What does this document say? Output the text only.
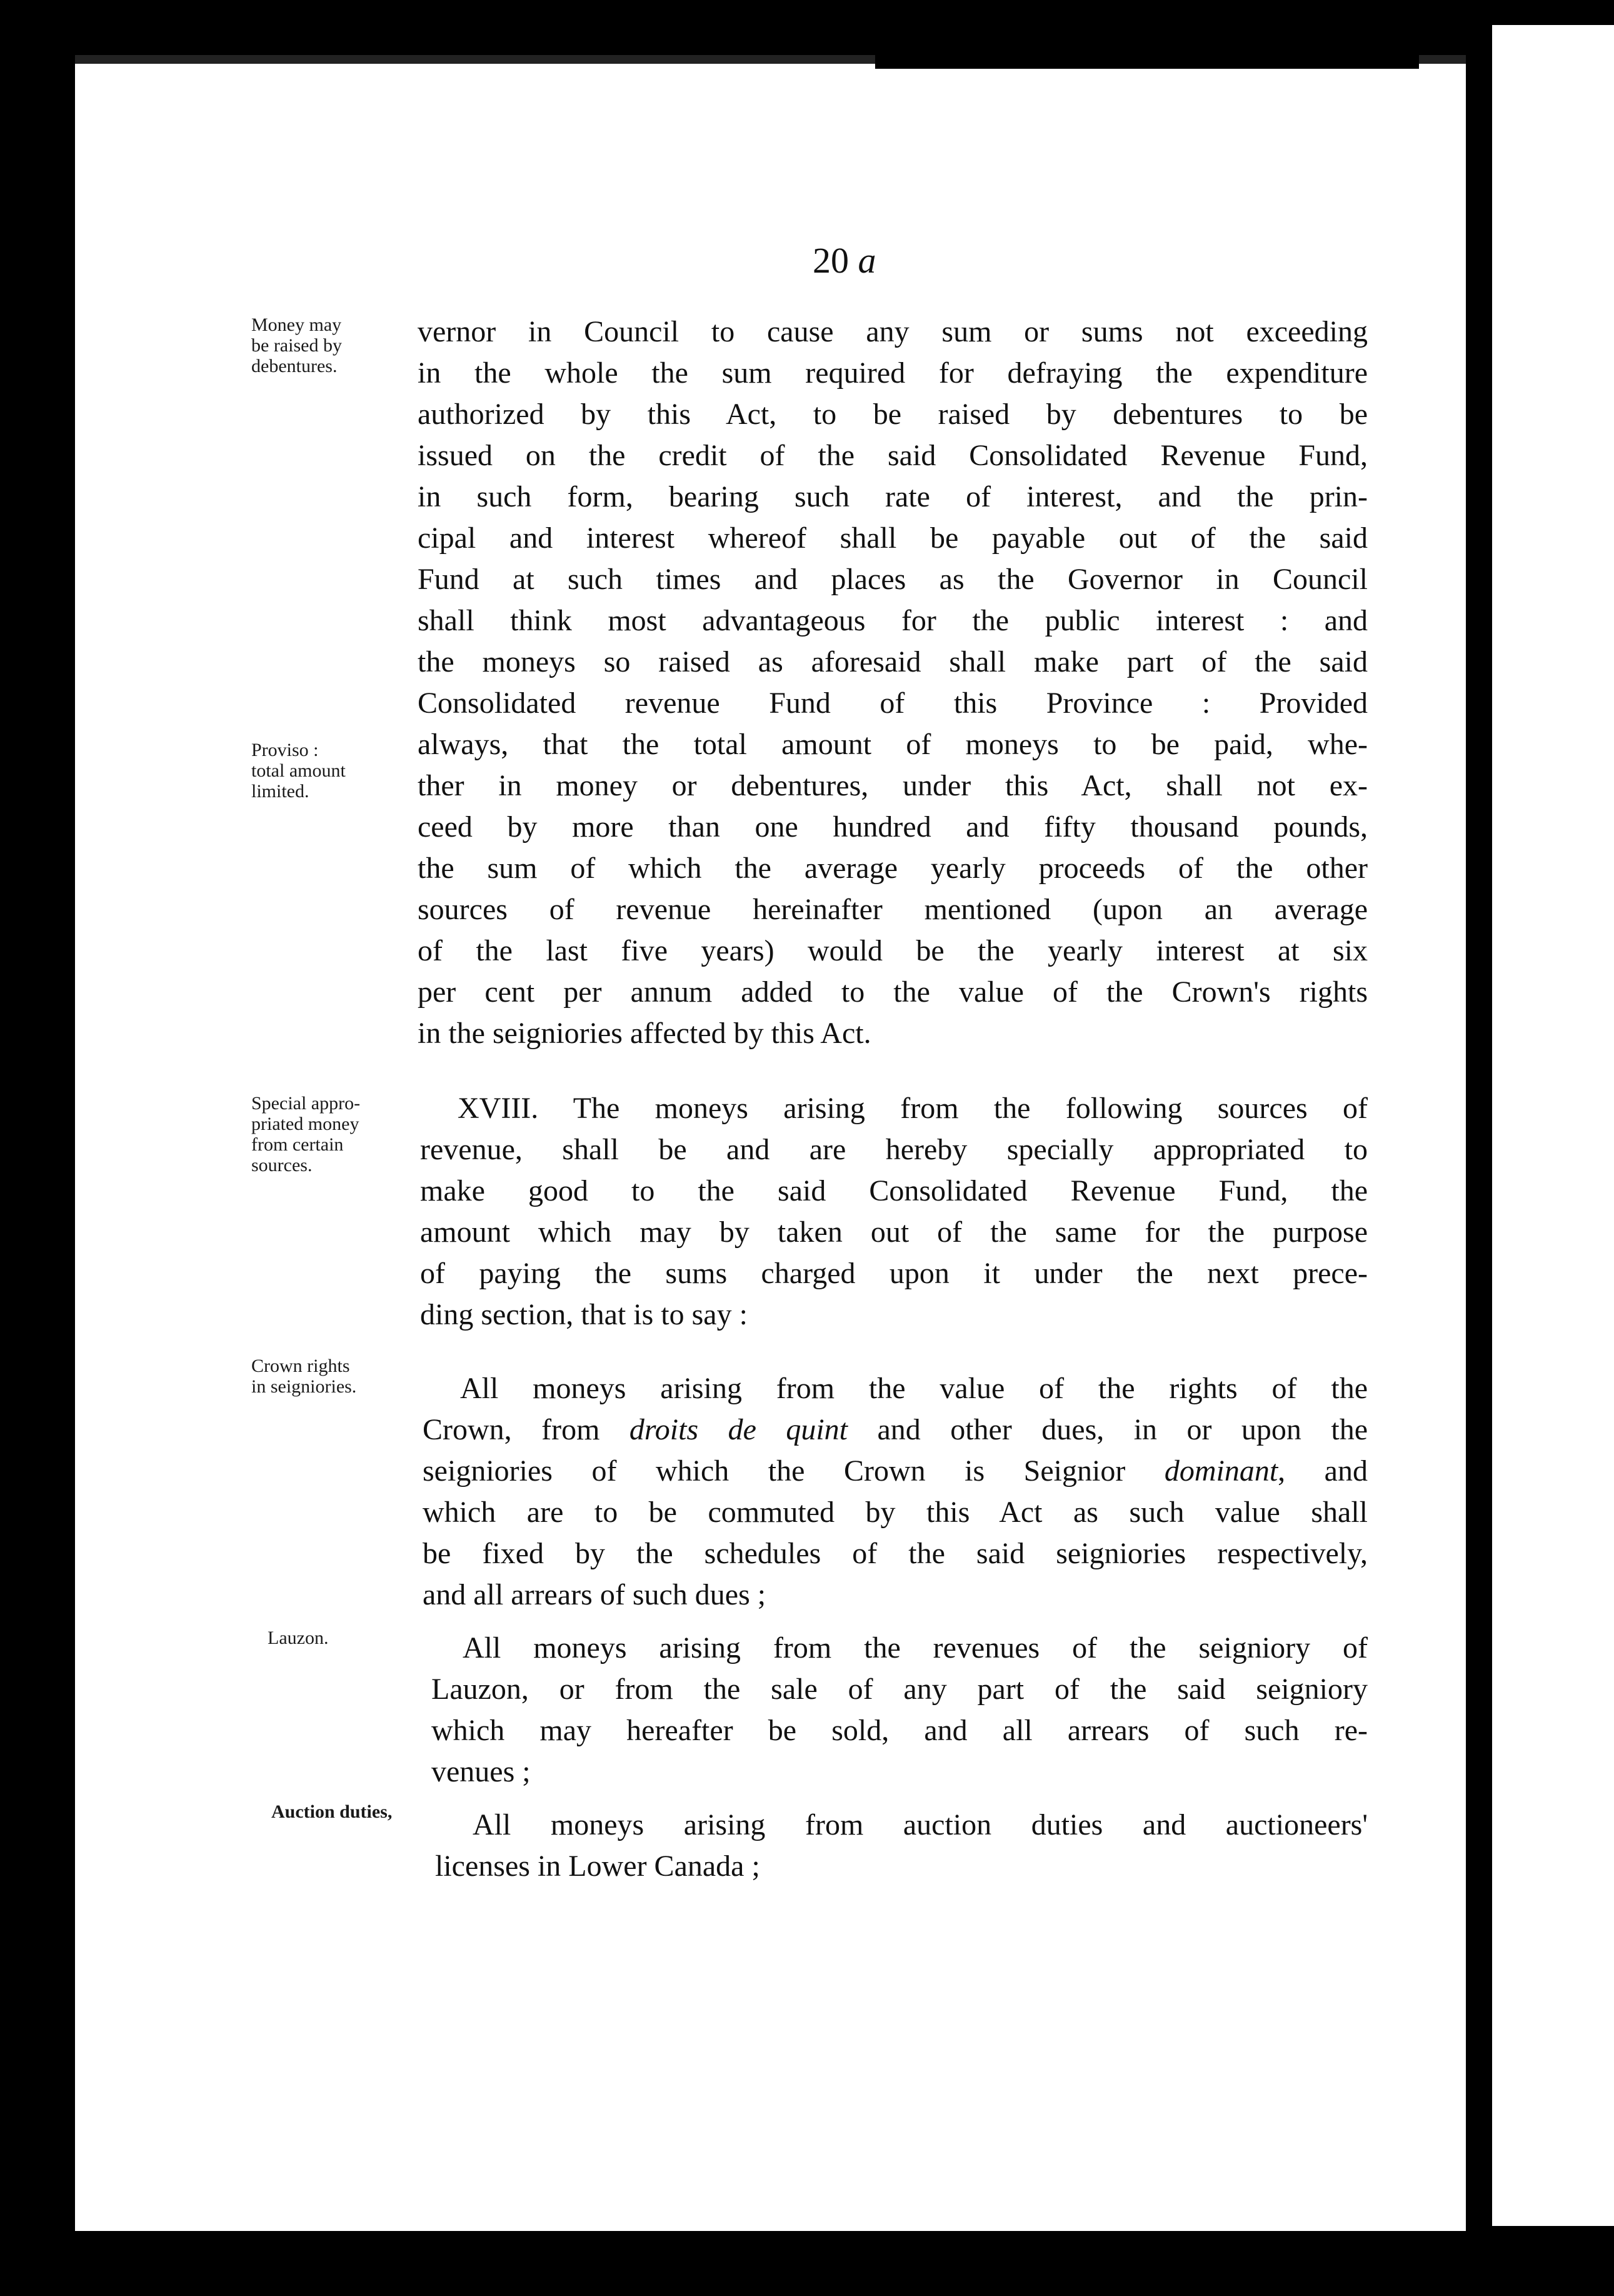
20 a
Money may
be raised by
debentures.
Proviso :
total amount
limited.
Special appro-
priated money
from certain
sources.
Crown rights
in seigniories.
Lauzon.
Auction duties,
vernor in Council to cause any sum or sums not exceeding
in the whole the sum required for defraying the expenditure
authorized by this Act, to be raised by debentures to be
issued on the credit of the said Consolidated Revenue Fund,
in such form, bearing such rate of interest, and the prin-
cipal and interest whereof shall be payable out of the said
Fund at such times and places as the Governor in Council
shall think most advantageous for the public interest : and
the moneys so raised as aforesaid shall make part of the said
Consolidated revenue Fund of this Province : Provided
always, that the total amount of moneys to be paid, whe-
ther in money or debentures, under this Act, shall not ex-
ceed by more than one hundred and fifty thousand pounds,
the sum of which the average yearly proceeds of the other
sources of revenue hereinafter mentioned (upon an average
of the last five years) would be the yearly interest at six
per cent per annum added to the value of the Crown's rights
in the seigniories affected by this Act.
XVIII. The moneys arising from the following sources of
revenue, shall be and are hereby specially appropriated to
make good to the said Consolidated Revenue Fund, the
amount which may by taken out of the same for the purpose
of paying the sums charged upon it under the next prece-
ding section, that is to say :
All moneys arising from the value of the rights of the
Crown, from droits de quint and other dues, in or upon the
seigniories of which the Crown is Seignior dominant, and
which are to be commuted by this Act as such value shall
be fixed by the schedules of the said seigniories respectively,
and all arrears of such dues ;
All moneys arising from the revenues of the seigniory of
Lauzon, or from the sale of any part of the said seigniory
which may hereafter be sold, and all arrears of such re-
venues ;
All moneys arising from auction duties and auctioneers'
licenses in Lower Canada ;
